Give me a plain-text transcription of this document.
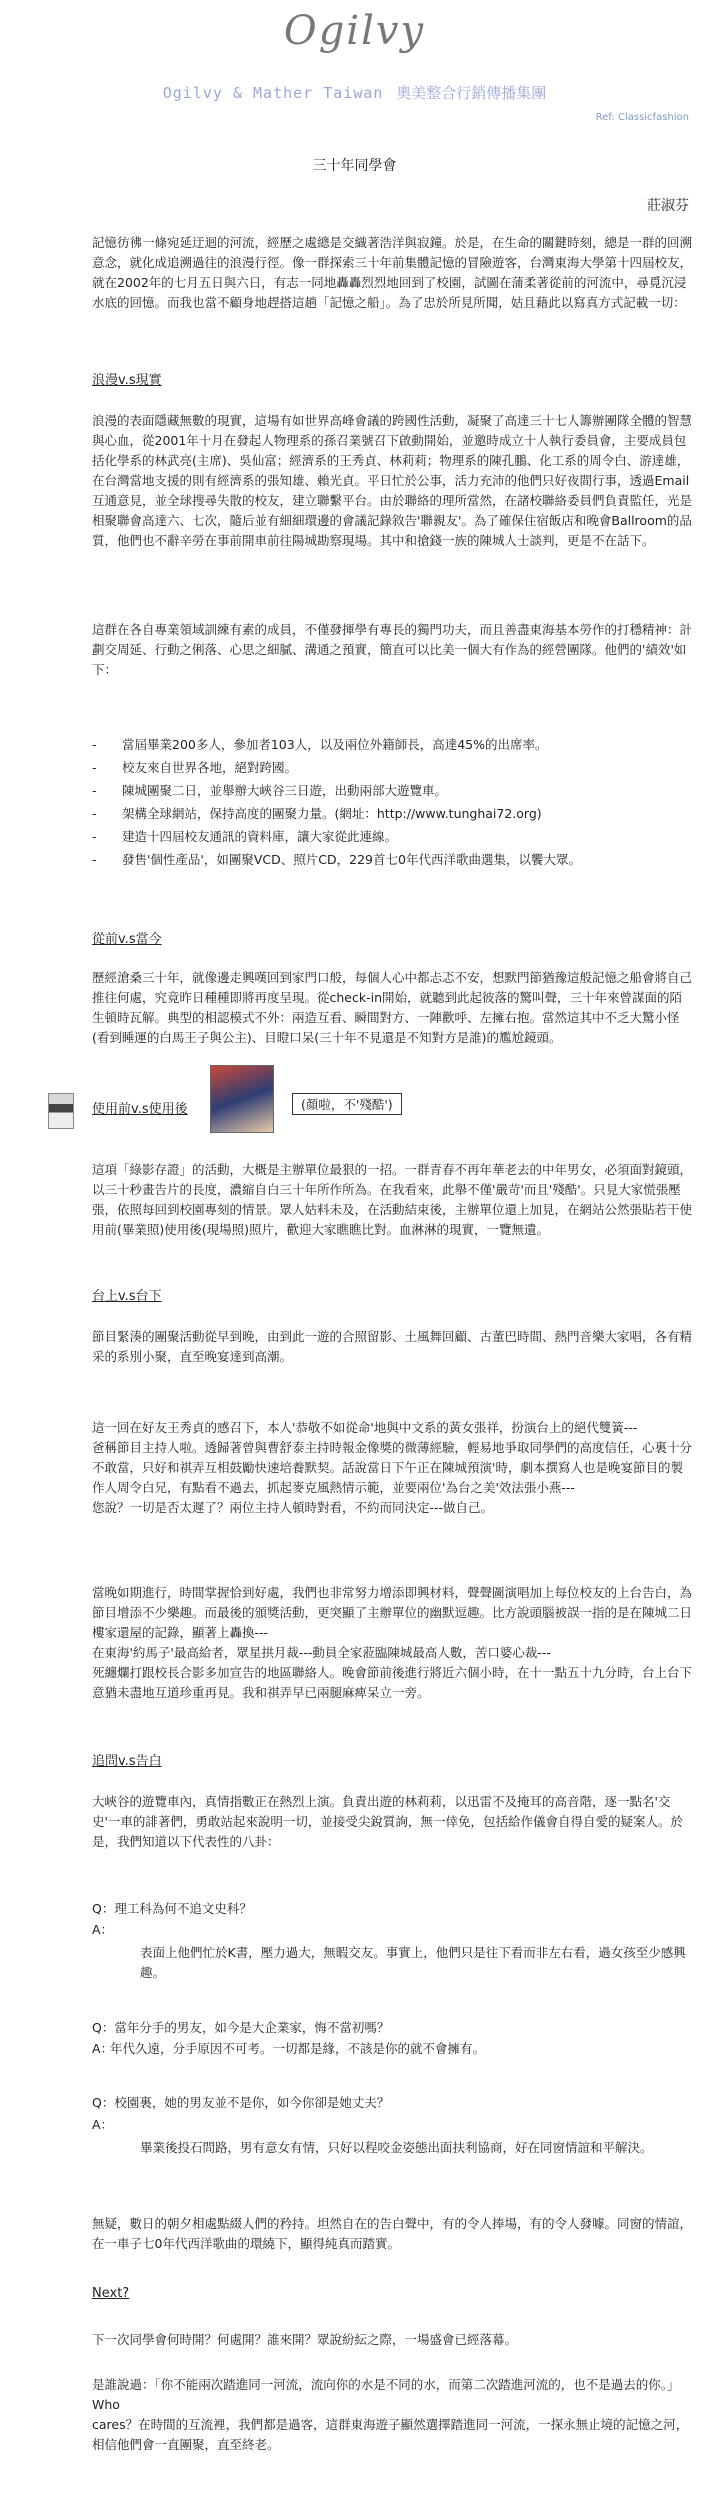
Ogilvy
Ogilvy & Mather Taiwan 奧美整合行銷傳播集團
Ref: Classicfashion
三十年同學會
莊淑芬
記憶彷彿一條宛延迂迴的河流，經歷之處總是交織著浩洋與寂鐘。於是，在生命的關鍵時刻，總是一群的回溯意念，就化成追溯過往的浪漫行徑。像一群探索三十年前集體記憶的冒險遊客，台灣東海大學第十四屆校友，就在2002年的七月五日與六日，有志一同地轟轟烈烈地回到了校園，試圖在蒲柔著從前的河流中，尋覓沉浸水底的回憶。而我也當不顧身地趕搭這趟「記憶之船」。為了忠於所見所聞，姑且藉此以寫真方式記載一切：
浪漫v.s現實
浪漫的表面隱藏無數的現實，這場有如世界高峰會議的跨國性活動，凝聚了高達三十七人籌辦團隊全體的智慧與心血，從2001年十月在發起人物理系的孫召業號召下啟動開始，並邀時成立十人執行委員會，主要成員包括化學系的林武亮(主席)、吳仙富；經濟系的王秀貞、林莉莉；物理系的陳孔鵬、化工系的周令白、游達雄，在台灣當地支援的則有經濟系的張知雄、賴光貞。平日忙於公事，活力充沛的他們只好夜間行事，透過Email互通意見，並全球搜尋失散的校友，建立聯繫平台。由於聯絡的理所當然，在諸校聯絡委員們負責監任，光是相聚聯會高達六、七次，隨后並有細細環邊的會議記錄敘告'聯親友'。為了確保住宿飯店和晚會Ballroom的品質，他們也不辭辛勞在事前開車前往陽城勘察現場。其中和搶錢一族的陳城人士談判，更是不在話下。
這群在各自專業領域訓練有素的成員，不僅發揮學有專長的獨門功夫，而且善盡東海基本勞作的打穩精神：計劃交周延、行動之俐落、心思之細膩、溝通之預實，簡直可以比美一個大有作為的經營團隊。他們的'績效'如下：
- 當屆畢業200多人，參加者103人，以及兩位外籍師長，高達45%的出席率。
- 校友來自世界各地，絕對跨國。
- 陳城團聚二日，並舉辦大峽谷三日遊，出動兩部大遊覽車。
- 架構全球網站，保持高度的團聚力量。(網址：http://www.tunghai72.org)
- 建造十四屆校友通訊的資料庫，讓大家從此連線。
- 發售'個性產品'，如團聚VCD、照片CD，229首七0年代西洋歌曲選集，以饗大眾。
從前v.s當今
歷經滄桑三十年，就像邊走興嘆回到家門口般，每個人心中都忐忑不安，想默門節猶豫這般記憶之船會將自己推往何處，究竟昨日種種即將再度呈現。從check-in開始，就聽到此起彼落的驚叫聲，三十年來曾謀面的陌生頓時瓦解。典型的相認模式不外：兩造互看、瞬間對方、一陣歡呼、左擁右抱。當然這其中不乏大驚小怪(看到睡運的白馬王子與公主)、目瞪口呆(三十年不見還是不知對方是誰)的尷尬鏡頭。
使用前v.s使用後	(顏啦，不'殘酷')
這項「綠影存證」的活動，大概是主辦單位最狠的一招。一群青春不再年華老去的中年男女，必須面對鏡頭，以三十秒畫告片的長度，濃縮自白三十年所作所為。在我看來，此舉不僅'嚴苛'而且'殘酷'。只見大家慌張壓張，依照每回到校園專刻的情景。眾人姑料未及，在活動結束後，主辦單位還上加見，在網站公然張貼若干使用前(畢業照)使用後(現場照)照片，歡迎大家瞧瞧比對。血淋淋的現實，一覽無遺。
台上v.s台下
節目緊湊的團聚活動從早到晚，由到此一遊的合照留影、土風舞回顧、古董巴時間、熱門音樂大家唱，各有精采的系別小聚，直至晚宴達到高潮。
這一回在好友王秀貞的感召下，本人'恭敬不如從命'地與中文系的黃女張祥，扮演台上的絕代雙簧---
爸稱節目主持人啦。透歸著曾與曹舒泰主持時報金像獎的微薄經驗，輕易地爭取同學們的高度信任，心裏十分不敢當，只好和祺弄互相鼓勵快速培養默契。話說當日下午正在陳城預演'時，劇本撰寫人也是晚宴節目的製作人周令白兄，有點看不過去，抓起麥克風熱情示範，並要兩位'為台之美'效法張小燕---
您說？一切是否太遲了？兩位主持人頓時對看，不約而同決定---做自己。
當晚如期進行，時間掌握恰到好處，我們也非常努力增添即興材料，聲聲圖演唱加上每位校友的上台告白，為節目增添不少樂趣。而最後的頒獎活動，更突顯了主辦單位的幽默逗趣。比方說頭腦被誤一指的是在陳城二日樓家還屋的記錄，顯著上轟換---
在東海'約馬子'最高給者，眾星拱月裁---動員全家蒞臨陳城最高人數，苦口婆心裁---
死纏爛打跟校長合影多加宣告的地區聯絡人。晚會節前後進行將近六個小時，在十一點五十九分時，台上台下意猶未盡地互道珍重再見。我和祺弄早已兩腿麻痺呆立一旁。
追問v.s告白
大峽谷的遊覽車內，真情指數正在熱烈上演。負責出遊的林莉莉，以迅雷不及掩耳的高音階，逐一點名'交史'一車的誹著們，勇敢站起來說明一切，並接受尖銳質詢，無一倖免，包括給作儀會自得自愛的疑案人。於是，我們知道以下代表性的八卦：
Q：理工科為何不追文史科？
A：
表面上他們忙於K書，壓力過大，無暇交友。事實上，他們只是往下看而非左右看，過女孩至少感興趣。
Q：當年分手的男友，如今是大企業家，悔不當初嗎？
A：
年代久遠，分手原因不可考。一切都是緣，不該是你的就不會擁有。
Q：校園裏，她的男友並不是你，如今你卻是她丈夫？
A：
畢業後投石問路，男有意女有情，只好以程咬金姿態出面扶利協商，好在同窗情誼和平解決。
無疑，數日的朝夕相處點綴人們的矜持。坦然自在的告白聲中，有的令人捧場，有的令人發噱。同窗的情誼，在一車子七0年代西洋歌曲的環繞下，顯得純真而踏實。
Next?
下一次同學會何時開？何處開？誰來開？眾說紛紜之際，一場盛會已經落幕。
是誰說過：「你不能兩次踏進同一河流，流向你的水是不同的水，而第二次踏進河流的，也不是過去的你。」Who
cares？在時間的互流裡，我們都是過客，這群東海遊子顯然選擇踏進同一河流，一探永無止境的記憶之河，相信他們會一直團聚，直至終老。
